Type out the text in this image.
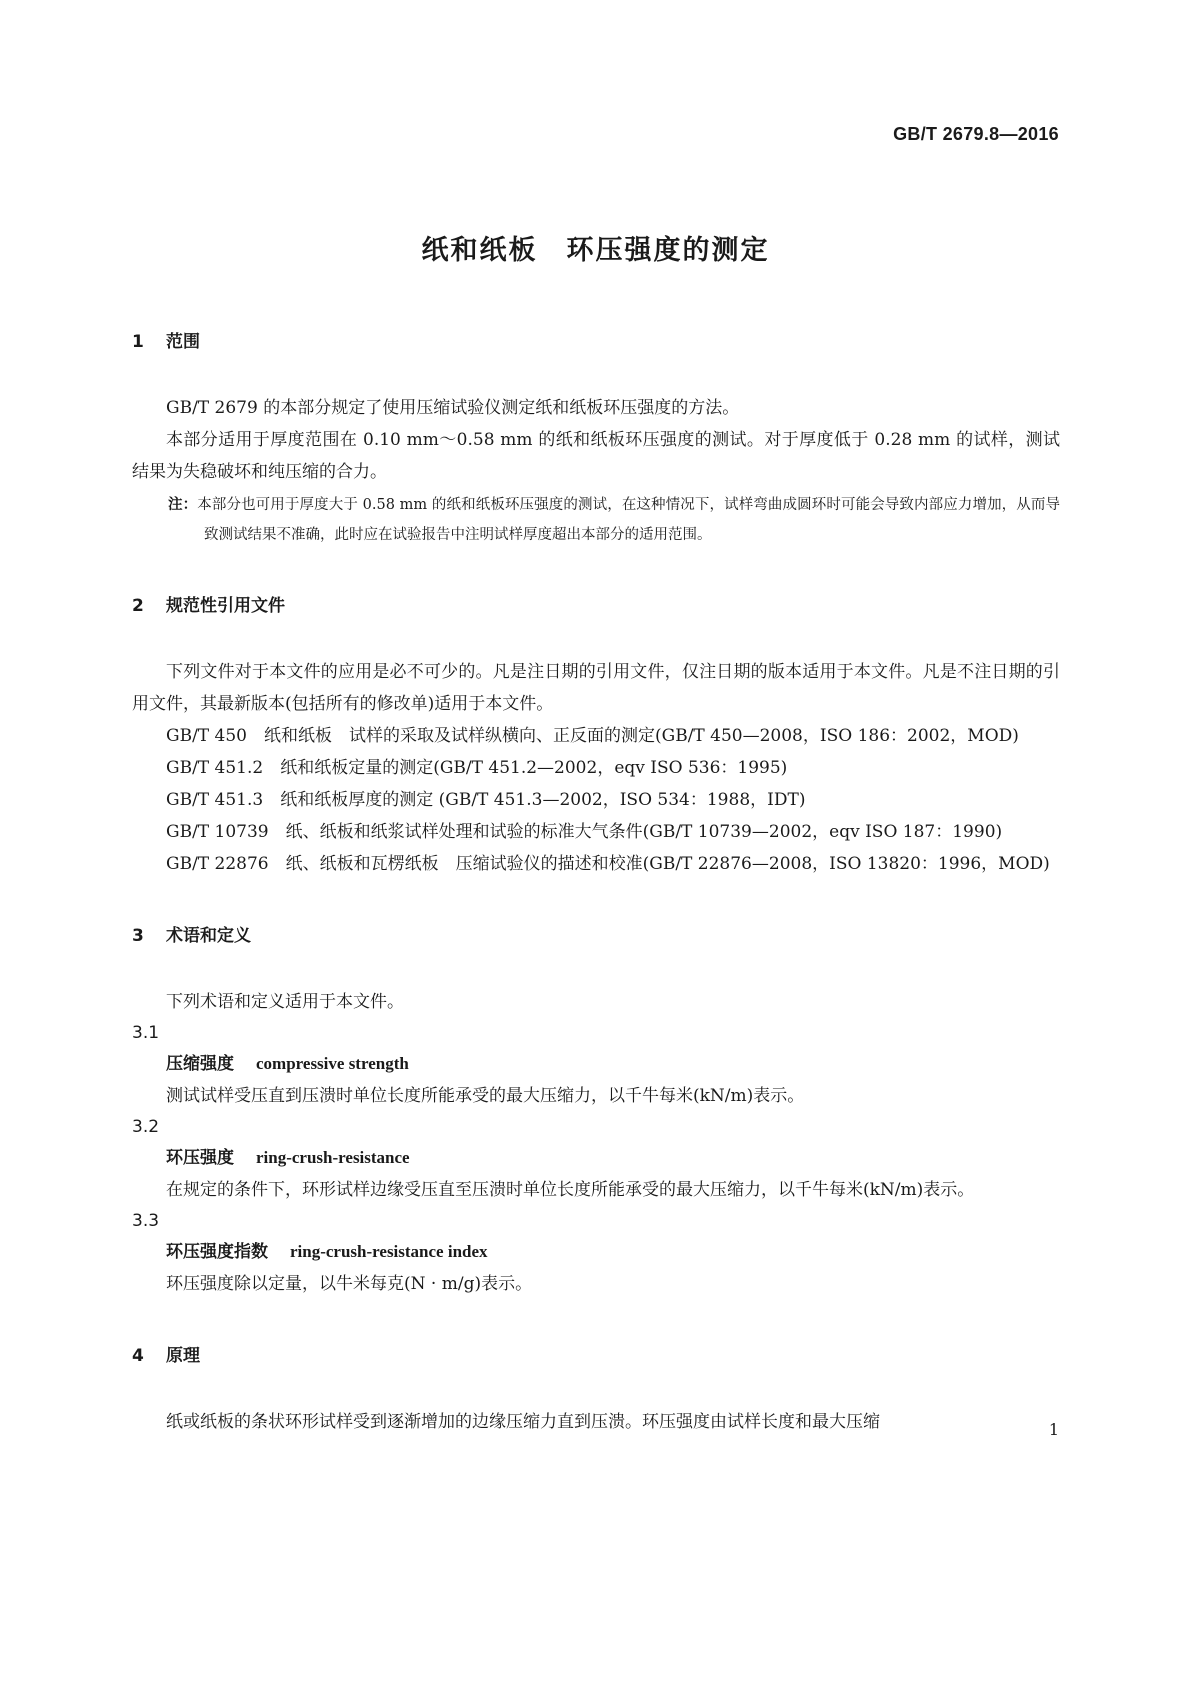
GB/T 2679.8—2016
纸和纸板　环压强度的测定
1 范围

GB/T 2679 的本部分规定了使用压缩试验仪测定纸和纸板环压强度的方法。

本部分适用于厚度范围在 0.10 mm～0.58 mm 的纸和纸板环压强度的测试。对于厚度低于 0.28 mm 的试样，测试结果为失稳破坏和纯压缩的合力。

注：本部分也可用于厚度大于 0.58 mm 的纸和纸板环压强度的测试，在这种情况下，试样弯曲成圆环时可能会导致内部应力增加，从而导致测试结果不准确，此时应在试验报告中注明试样厚度超出本部分的适用范围。

2 规范性引用文件

下列文件对于本文件的应用是必不可少的。凡是注日期的引用文件，仅注日期的版本适用于本文件。凡是不注日期的引用文件，其最新版本(包括所有的修改单)适用于本文件。

GB/T 450　纸和纸板　试样的采取及试样纵横向、正反面的测定(GB/T 450—2008，ISO 186：2002，MOD)

GB/T 451.2　纸和纸板定量的测定(GB/T 451.2—2002，eqv ISO 536：1995)

GB/T 451.3　纸和纸板厚度的测定 (GB/T 451.3—2002，ISO 534：1988，IDT)

GB/T 10739　纸、纸板和纸浆试样处理和试验的标准大气条件(GB/T 10739—2002，eqv ISO 187：1990)

GB/T 22876　纸、纸板和瓦楞纸板　压缩试验仪的描述和校准(GB/T 22876—2008，ISO 13820：1996，MOD)

3 术语和定义

下列术语和定义适用于本文件。

3.1

压缩强度 compressive strength

测试试样受压直到压溃时单位长度所能承受的最大压缩力，以千牛每米(kN/m)表示。

3.2

环压强度 ring-crush-resistance

在规定的条件下，环形试样边缘受压直至压溃时单位长度所能承受的最大压缩力，以千牛每米(kN/m)表示。

3.3

环压强度指数 ring-crush-resistance index

环压强度除以定量，以牛米每克(N · m/g)表示。

4 原理

纸或纸板的条状环形试样受到逐渐增加的边缘压缩力直到压溃。环压强度由试样长度和最大压缩	1
